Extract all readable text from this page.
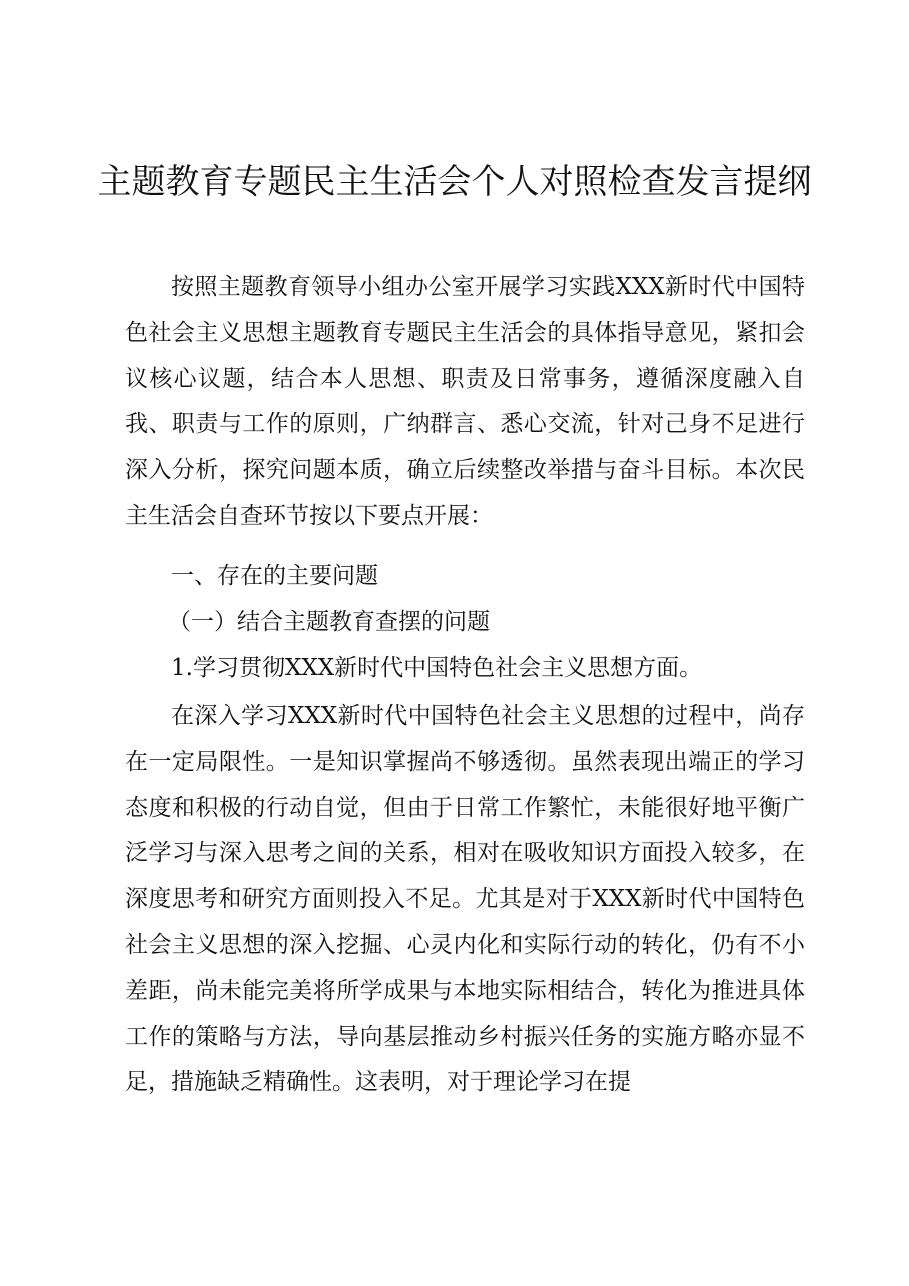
主题教育专题民主生活会个人对照检查发言提纲

按照主题教育领导小组办公室开展学习实践XXX新时代中国特色社会主义思想主题教育专题民主生活会的具体指导意见，紧扣会议核心议题，结合本人思想、职责及日常事务，遵循深度融入自我、职责与工作的原则，广纳群言、悉心交流，针对己身不足进行深入分析，探究问题本质，确立后续整改举措与奋斗目标。本次民主生活会自查环节按以下要点开展：

一、存在的主要问题
（一）结合主题教育查摆的问题
1.学习贯彻XXX新时代中国特色社会主义思想方面。

在深入学习XXX新时代中国特色社会主义思想的过程中，尚存在一定局限性。一是知识掌握尚不够透彻。虽然表现出端正的学习态度和积极的行动自觉，但由于日常工作繁忙，未能很好地平衡广泛学习与深入思考之间的关系，相对在吸收知识方面投入较多，在深度思考和研究方面则投入不足。尤其是对于XXX新时代中国特色社会主义思想的深入挖掘、心灵内化和实际行动的转化，仍有不小差距，尚未能完美将所学成果与本地实际相结合，转化为推进具体工作的策略与方法，导向基层推动乡村振兴任务的实施方略亦显不足，措施缺乏精确性。这表明，对于理论学习在提
